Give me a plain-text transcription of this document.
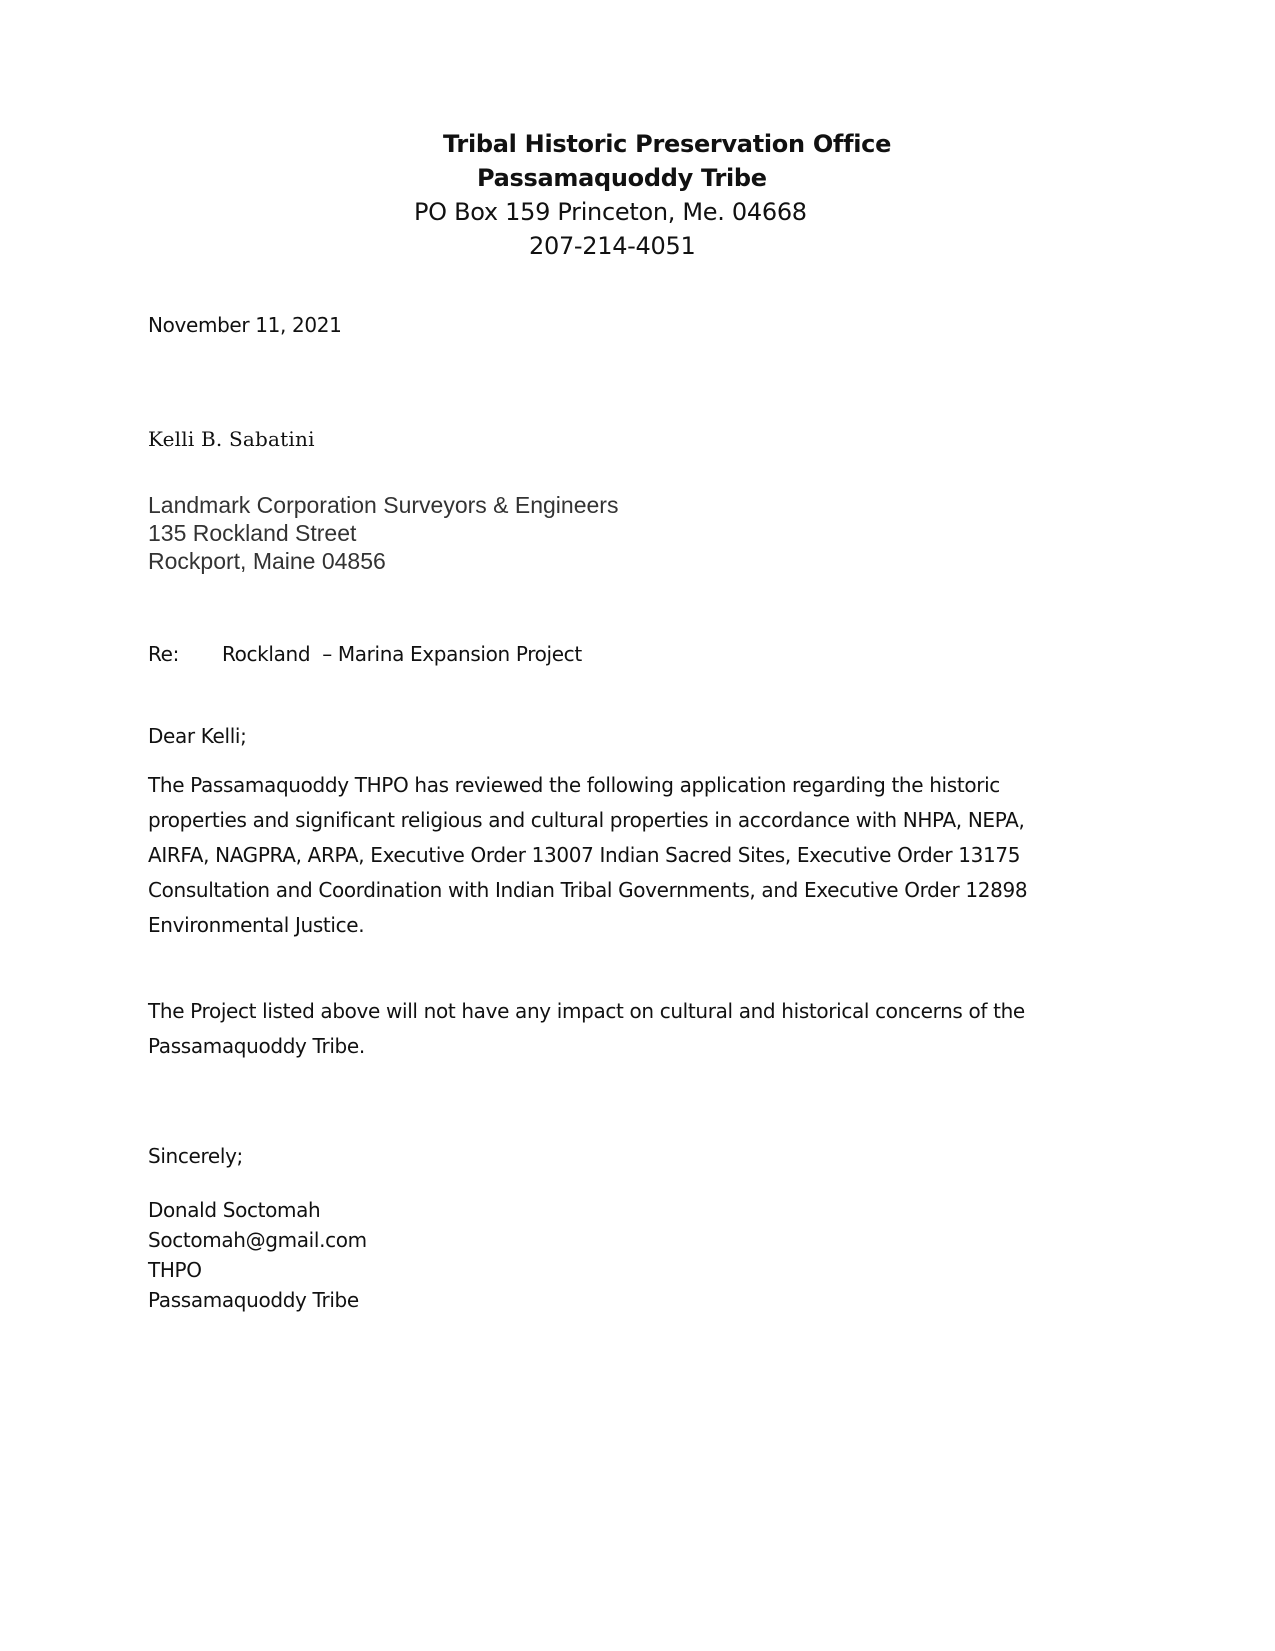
Tribal Historic Preservation Office
Passamaquoddy Tribe
PO Box 159 Princeton, Me. 04668
207-214-4051
November 11, 2021
Kelli B. Sabatini
Landmark Corporation Surveyors & Engineers
135 Rockland Street
Rockport, Maine 04856
Re: Rockland  – Marina Expansion Project
Dear Kelli;
The Passamaquoddy THPO has reviewed the following application regarding the historic
properties and significant religious and cultural properties in accordance with NHPA, NEPA,
AIRFA, NAGPRA, ARPA, Executive Order 13007 Indian Sacred Sites, Executive Order 13175
Consultation and Coordination with Indian Tribal Governments, and Executive Order 12898
Environmental Justice.
The Project listed above will not have any impact on cultural and historical concerns of the
Passamaquoddy Tribe.
Sincerely;
Donald Soctomah
Soctomah@gmail.com
THPO
Passamaquoddy Tribe
